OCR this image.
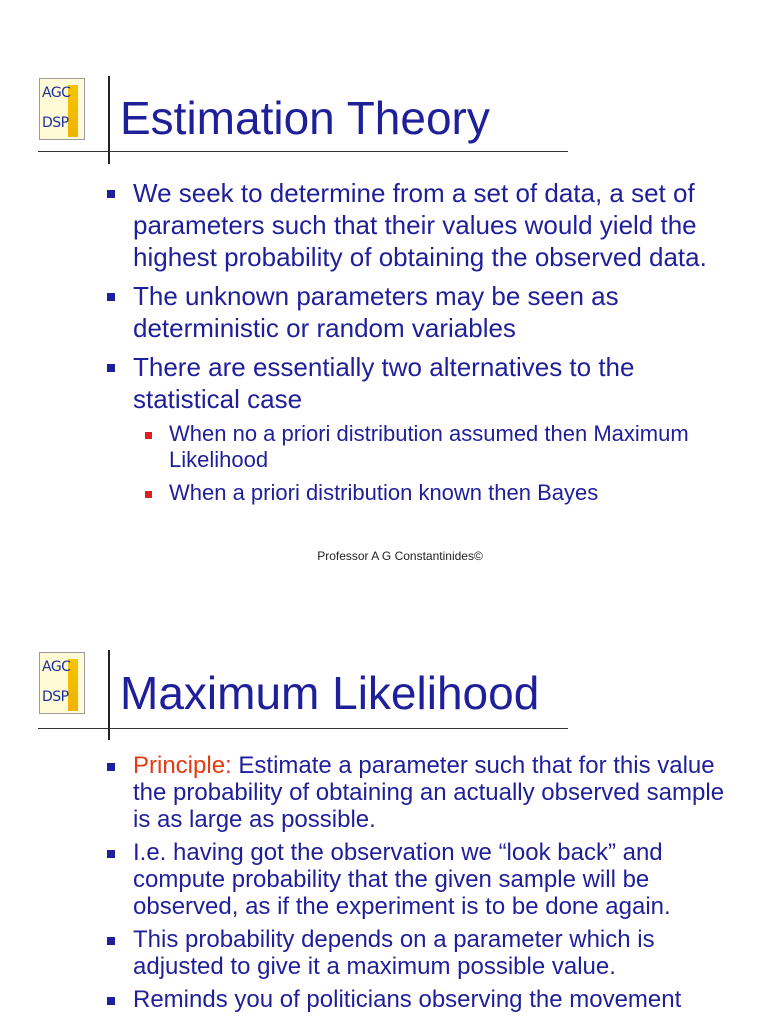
AGC
DSP Estimation Theory
We seek to determine from a set of data, a set of parameters such that their values would yield the highest probability of obtaining the observed data.
The unknown parameters may be seen as deterministic or random variables
There are essentially two alternatives to the statistical case
When no a priori distribution assumed then Maximum Likelihood
When a priori distribution known then Bayes
Professor A G Constantinides©
AGC
DSP Maximum Likelihood
Principle: Estimate a parameter such that for this value the probability of obtaining an actually observed sample is as large as possible.
I.e. having got the observation we “look back” and compute probability that the given sample will be observed, as if the experiment is to be done again.
This probability depends on a parameter which is adjusted to give it a maximum possible value.
Reminds you of politicians observing the movement
